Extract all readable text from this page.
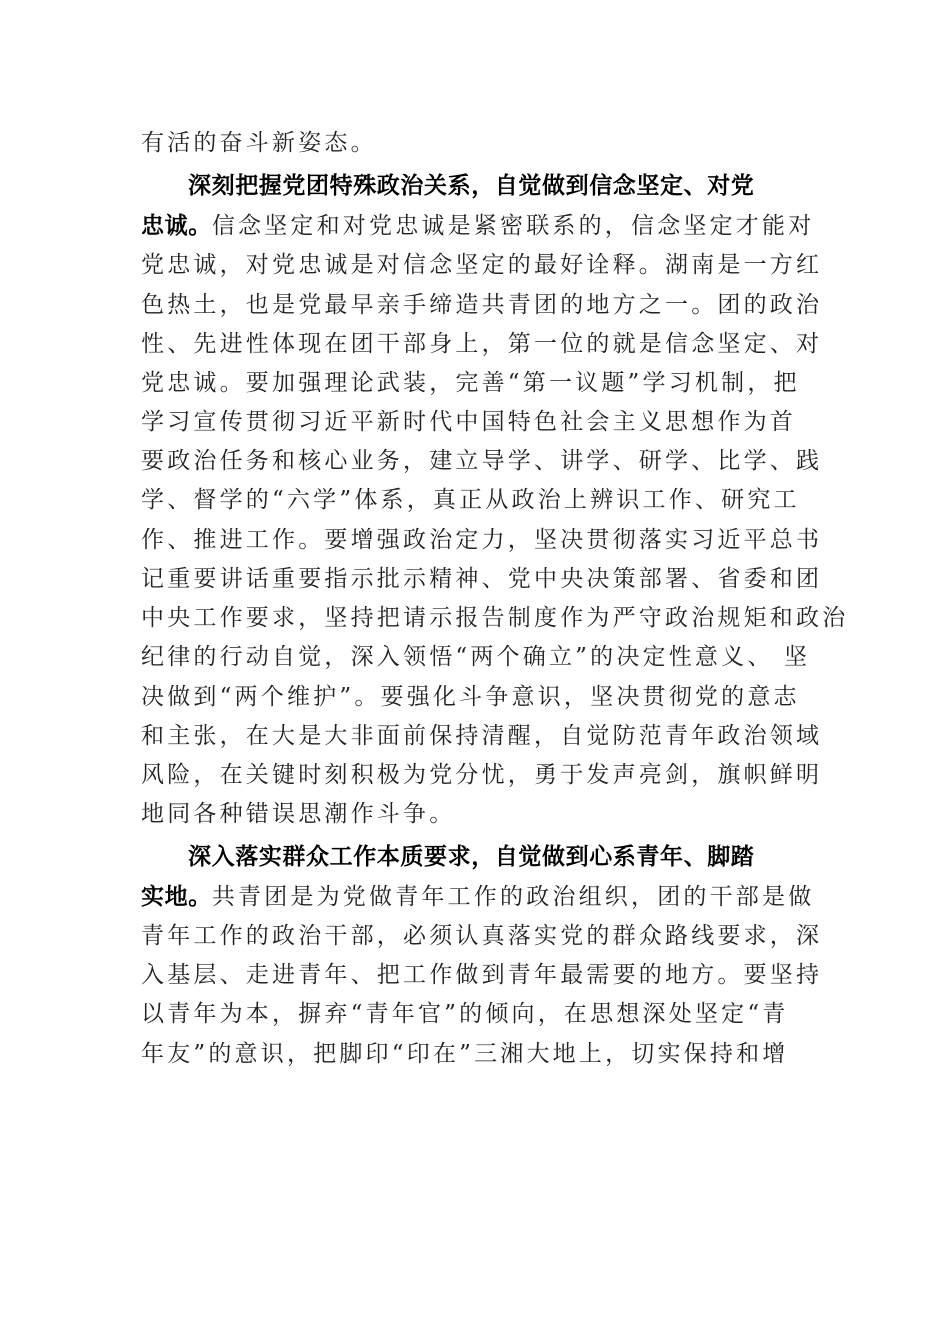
有活的奋斗新姿态。
深刻把握党团特殊政治关系，自觉做到信念坚定、对党
忠诚。信念坚定和对党忠诚是紧密联系的，信念坚定才能对
党忠诚，对党忠诚是对信念坚定的最好诠释。湖南是一方红
色热土，也是党最早亲手缔造共青团的地方之一。团的政治
性、先进性体现在团干部身上，第一位的就是信念坚定、对
党忠诚。要加强理论武装，完善“第一议题”学习机制，把
学习宣传贯彻习近平新时代中国特色社会主义思想作为首
要政治任务和核心业务，建立导学、讲学、研学、比学、践
学、督学的“六学”体系，真正从政治上辨识工作、研究工
作、推进工作。要增强政治定力，坚决贯彻落实习近平总书
记重要讲话重要指示批示精神、党中央决策部署、省委和团
中央工作要求，坚持把请示报告制度作为严守政治规矩和政治
纪律的行动自觉，深入领悟“两个确立”的决定性意义、 坚
决做到“两个维护”。要强化斗争意识，坚决贯彻党的意志
和主张，在大是大非面前保持清醒，自觉防范青年政治领域
风险，在关键时刻积极为党分忧，勇于发声亮剑，旗帜鲜明
地同各种错误思潮作斗争。
深入落实群众工作本质要求，自觉做到心系青年、脚踏
实地。共青团是为党做青年工作的政治组织，团的干部是做
青年工作的政治干部，必须认真落实党的群众路线要求，深
入基层、走进青年、把工作做到青年最需要的地方。要坚持
以青年为本，摒弃“青年官”的倾向，在思想深处坚定“青
年友”的意识，把脚印“印在”三湘大地上，切实保持和增
